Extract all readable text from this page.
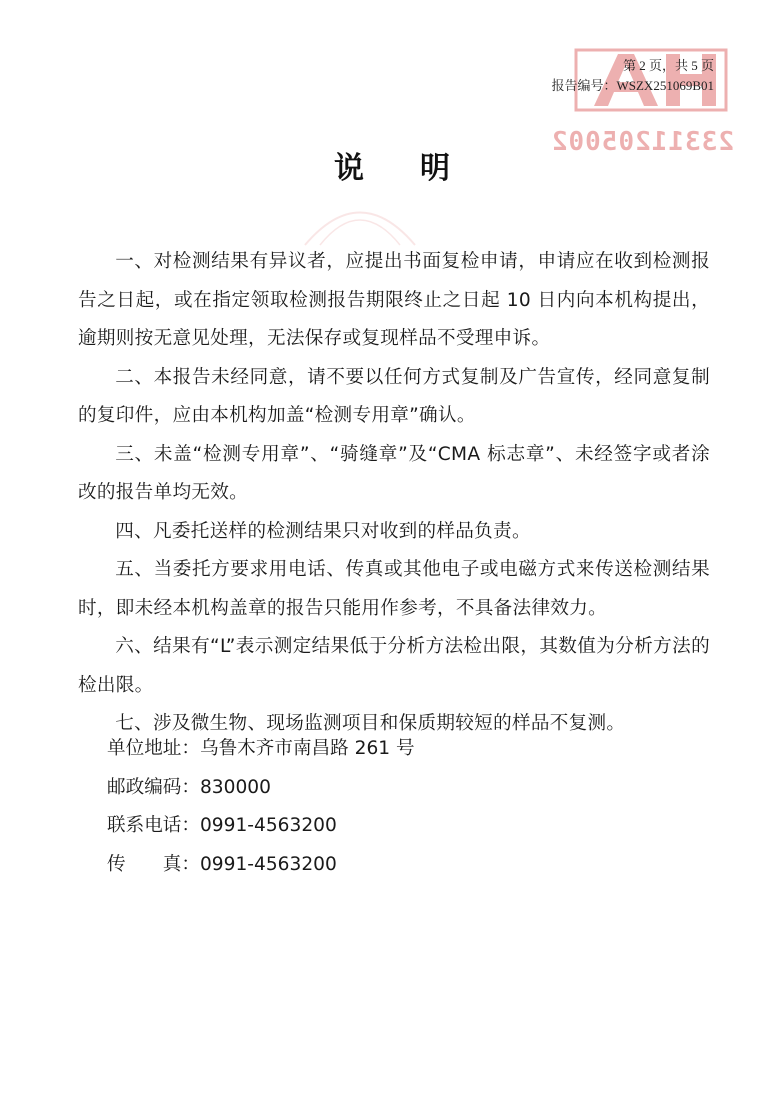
23311205002
第 2 页，共 5 页
报告编号：WSZX251069B01
说明

一、对检测结果有异议者，应提出书面复检申请，申请应在收到检测报告之日起，或在指定领取检测报告期限终止之日起 10 日内向本机构提出，逾期则按无意见处理，无法保存或复现样品不受理申诉。

二、本报告未经同意，请不要以任何方式复制及广告宣传，经同意复制的复印件，应由本机构加盖“检测专用章”确认。

三、未盖“检测专用章”、“骑缝章”及“CMA 标志章”、未经签字或者涂改的报告单均无效。

四、凡委托送样的检测结果只对收到的样品负责。

五、当委托方要求用电话、传真或其他电子或电磁方式来传送检测结果时，即未经本机构盖章的报告只能用作参考，不具备法律效力。

六、结果有“L”表示测定结果低于分析方法检出限，其数值为分析方法的检出限。

七、涉及微生物、现场监测项目和保质期较短的样品不复测。

单位地址：乌鲁木齐市南昌路 261 号
邮政编码：830000
联系电话：0991-4563200
传　　真：0991-4563200
